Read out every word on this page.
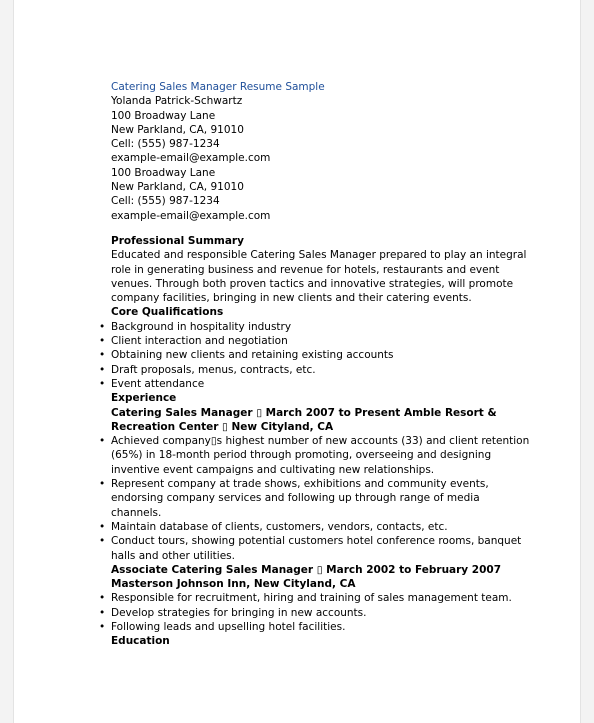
Catering Sales Manager Resume Sample
Yolanda Patrick-Schwartz
100 Broadway Lane
New Parkland, CA, 91010
Cell: (555) 987-1234
example-email@example.com
100 Broadway Lane
New Parkland, CA, 91010
Cell: (555) 987-1234
example-email@example.com
Professional Summary
Educated and responsible Catering Sales Manager prepared to play an integral
role in generating business and revenue for hotels, restaurants and event
venues. Through both proven tactics and innovative strategies, will promote
company facilities, bringing in new clients and their catering events.
Core Qualifications
• Background in hospitality industry
• Client interaction and negotiation
• Obtaining new clients and retaining existing accounts
• Draft proposals, menus, contracts, etc.
• Event attendance
Experience
Catering Sales Manager ▯ March 2007 to Present Amble Resort &
Recreation Center ▯ New Cityland, CA
• Achieved company▯s highest number of new accounts (33) and client retention
(65%) in 18-month period through promoting, overseeing and designing
inventive event campaigns and cultivating new relationships.
• Represent company at trade shows, exhibitions and community events,
endorsing company services and following up through range of media
channels.
• Maintain database of clients, customers, vendors, contacts, etc.
• Conduct tours, showing potential customers hotel conference rooms, banquet
halls and other utilities.
Associate Catering Sales Manager ▯ March 2002 to February 2007
Masterson Johnson Inn, New Cityland, CA
• Responsible for recruitment, hiring and training of sales management team.
• Develop strategies for bringing in new accounts.
• Following leads and upselling hotel facilities.
Education
